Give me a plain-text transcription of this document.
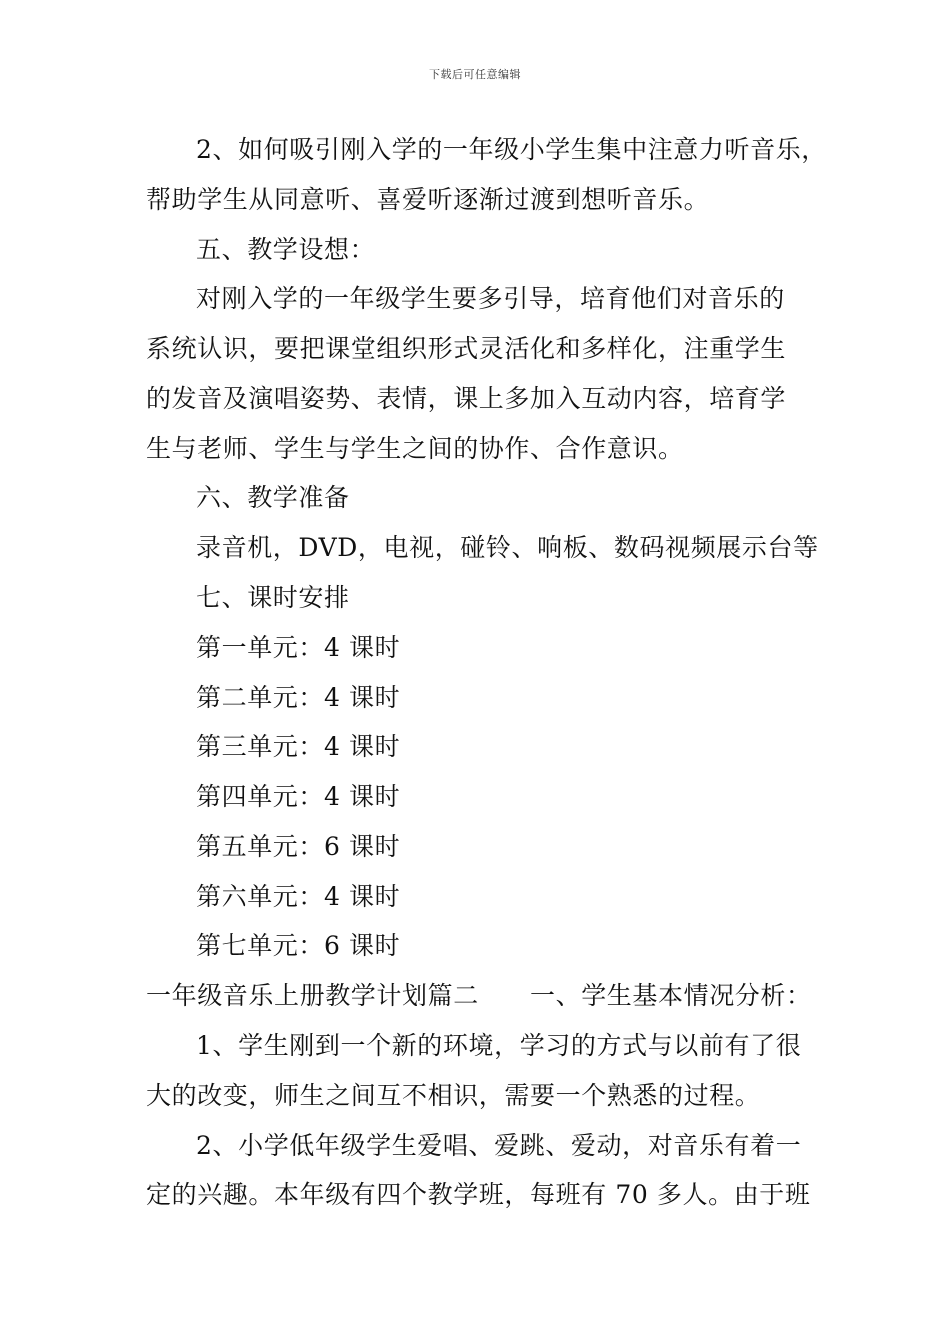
下载后可任意编辑
2、如何吸引刚入学的一年级小学生集中注意力听音乐，
帮助学生从同意听、喜爱听逐渐过渡到想听音乐。
五、教学设想：
对刚入学的一年级学生要多引导，培育他们对音乐的
系统认识，要把课堂组织形式灵活化和多样化，注重学生
的发音及演唱姿势、表情，课上多加入互动内容，培育学
生与老师、学生与学生之间的协作、合作意识。
六、教学准备
录音机，DVD，电视，碰铃、响板、数码视频展示台等
七、课时安排
第一单元：4 课时
第二单元：4 课时
第三单元：4 课时
第四单元：4 课时
第五单元：6 课时
第六单元：4 课时
第七单元：6 课时
一年级音乐上册教学计划篇二　　一、学生基本情况分析：
1、学生刚到一个新的环境，学习的方式与以前有了很
大的改变，师生之间互不相识，需要一个熟悉的过程。
2、小学低年级学生爱唱、爱跳、爱动，对音乐有着一
定的兴趣。本年级有四个教学班，每班有 70 多人。由于班
